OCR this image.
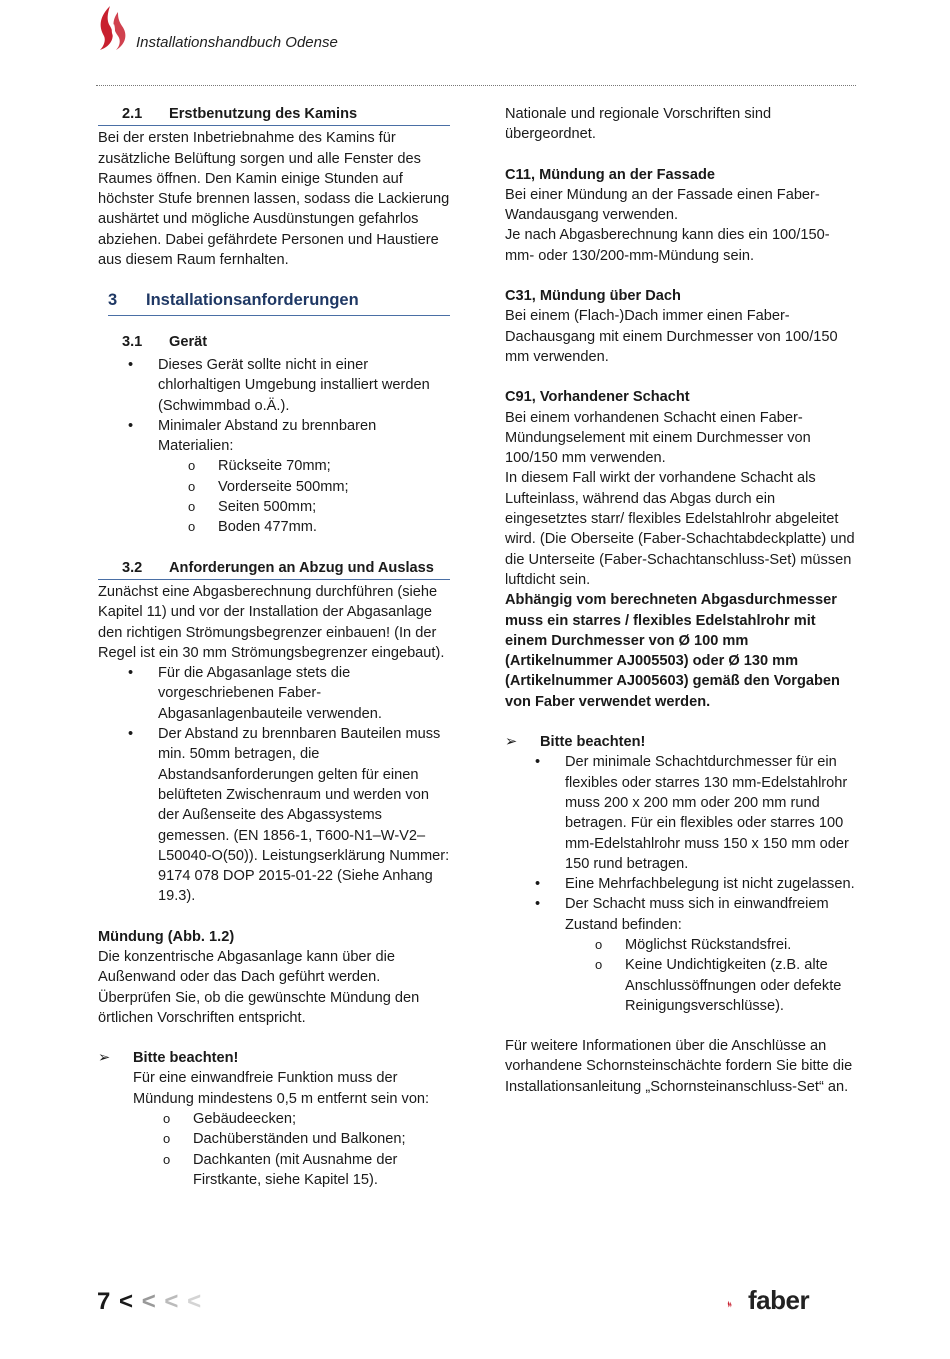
Installationshandbuch Odense
2.1	Erstbenutzung des Kamins

Bei der ersten Inbetriebnahme des Kamins für zusätzliche Belüftung sorgen und alle Fenster des Raumes öffnen. Den Kamin einige Stunden auf höchster Stufe brennen lassen, sodass die Lackierung aushärtet und mögliche Ausdünstungen gefahrlos abziehen. Dabei gefährdete Personen und Haustiere aus diesem Raum fernhalten.

3	Installationsanforderungen
3.1	Gerät
• Dieses Gerät sollte nicht in einer chlorhaltigen Umgebung installiert werden (Schwimmbad o.Ä.).
• Minimaler Abstand zu brennbaren Materialien:
o Rückseite 70mm;
o Vorderseite 500mm;
o Seiten 500mm;
o Boden 477mm.
3.2	Anforderungen an Abzug und Auslass

Zunächst eine Abgasberechnung durchführen (siehe Kapitel 11) und vor der Installation der Abgasanlage den richtigen Strömungsbegrenzer einbauen! (In der Regel ist ein 30 mm Strömungsbegrenzer eingebaut).

• Für die Abgasanlage stets die vorgeschriebenen Faber-Abgasanlagenbauteile verwenden.
• Der Abstand zu brennbaren Bauteilen muss min. 50mm betragen, die Abstandsanforderungen gelten für einen belüfteten Zwischenraum und werden von der Außenseite des Abgassystems gemessen. (EN 1856-1, T600-N1–W-V2–L50040-O(50)). Leistungserklärung Nummer: 9174 078 DOP 2015-01-22 (Siehe Anhang 19.3).

Mündung (Abb. 1.2)

Die konzentrische Abgasanlage kann über die Außenwand oder das Dach geführt werden. Überprüfen Sie, ob die gewünschte Mündung den örtlichen Vorschriften entspricht.

➢ Bitte beachten!

Für eine einwandfreie Funktion muss der Mündung mindestens 0,5 m entfernt sein von:

o Gebäudeecken;
o Dachüberständen und Balkonen;
o Dachkanten (mit Ausnahme der Firstkante, siehe Kapitel 15).

Nationale und regionale Vorschriften sind übergeordnet.

C11, Mündung an der Fassade

Bei einer Mündung an der Fassade einen Faber-Wandausgang verwenden.

Je nach Abgasberechnung kann dies ein 100/150-mm- oder 130/200-mm-Mündung sein.

C31, Mündung über Dach

Bei einem (Flach-)Dach immer einen Faber-Dachausgang mit einem Durchmesser von 100/150 mm verwenden.

C91, Vorhandener Schacht

Bei einem vorhandenen Schacht einen Faber-Mündungselement mit einem Durchmesser von 100/150 mm verwenden.

In diesem Fall wirkt der vorhandene Schacht als Lufteinlass, während das Abgas durch ein eingesetztes starr/ flexibles Edelstahlrohr abgeleitet wird. (Die Oberseite (Faber-Schachtabdeckplatte) und die Unterseite (Faber-Schachtanschluss-Set) müssen luftdicht sein.

Abhängig vom berechneten Abgasdurchmesser muss ein starres / flexibles Edelstahlrohr mit einem Durchmesser von Ø 100 mm (Artikelnummer AJ005503) oder Ø 130 mm (Artikelnummer AJ005603) gemäß den Vorgaben von Faber verwendet werden.

➢ Bitte beachten!

• Der minimale Schachtdurchmesser für ein flexibles oder starres 130 mm-Edelstahlrohr muss 200 x 200 mm oder 200 mm rund betragen. Für ein flexibles oder starres 100 mm-Edelstahlrohr muss 150 x 150 mm oder 150 rund betragen.
• Eine Mehrfachbelegung ist nicht zugelassen.
• Der Schacht muss sich in einwandfreiem Zustand befinden:
o Möglichst Rückstandsfrei.
o Keine Undichtigkeiten (z.B. alte Anschlussöffnungen oder defekte Reinigungsverschlüsse).

Für weitere Informationen über die Anschlüsse an vorhandene Schornsteinschächte fordern Sie bitte die Installationsanleitung „Schornsteinanschluss-Set“ an.

7 < < < <	faber
